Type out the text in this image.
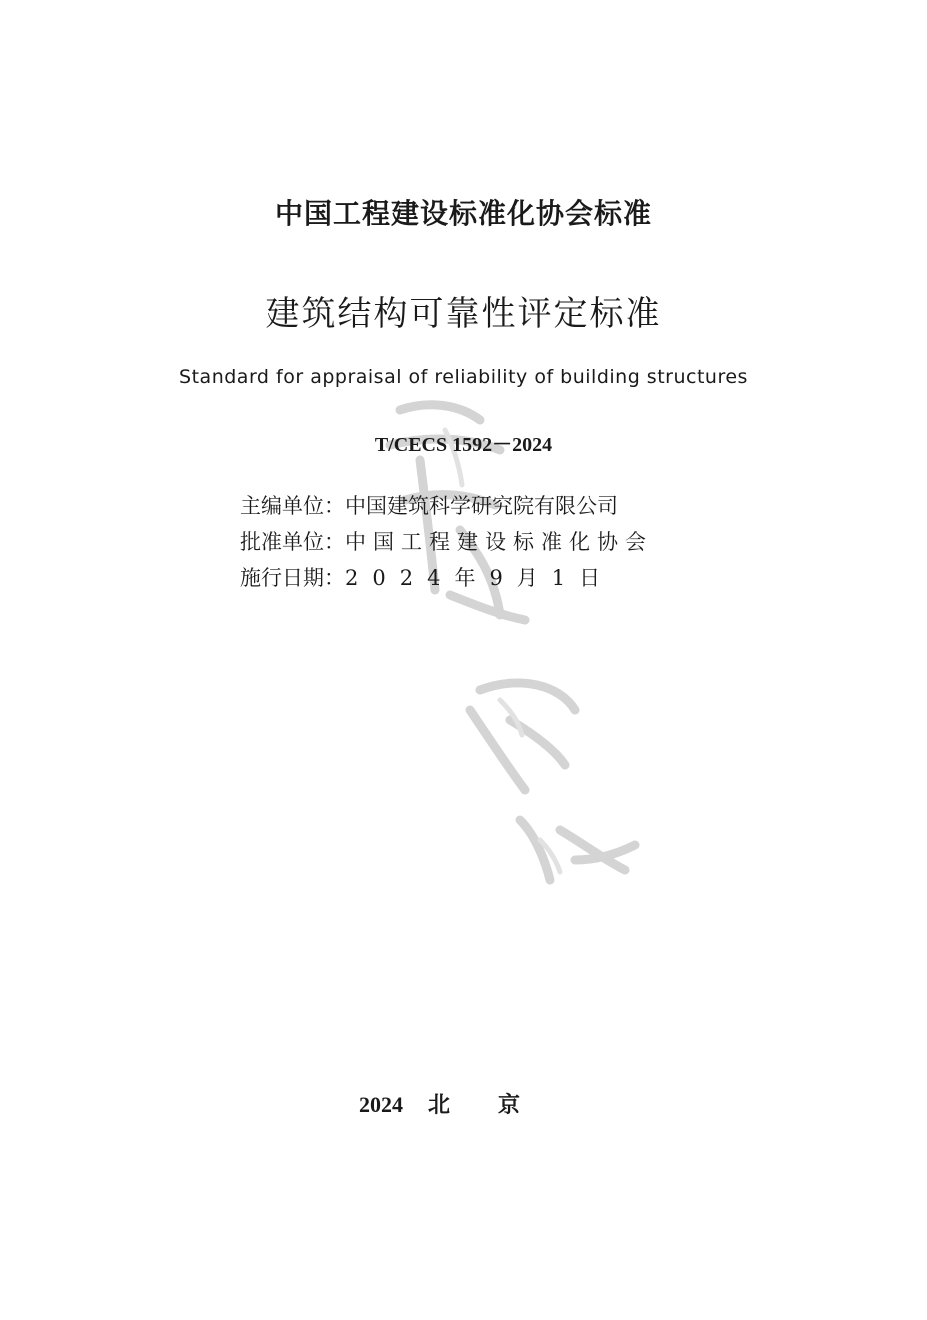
中国工程建设标准化协会标准
建筑结构可靠性评定标准
Standard for appraisal of reliability of building structures
T/CECS 1592－2024
主编单位： 中国建筑科学研究院有限公司
批准单位： 中国工程建设标准化协会
施行日期： 2024年9月1日
2024 北京
